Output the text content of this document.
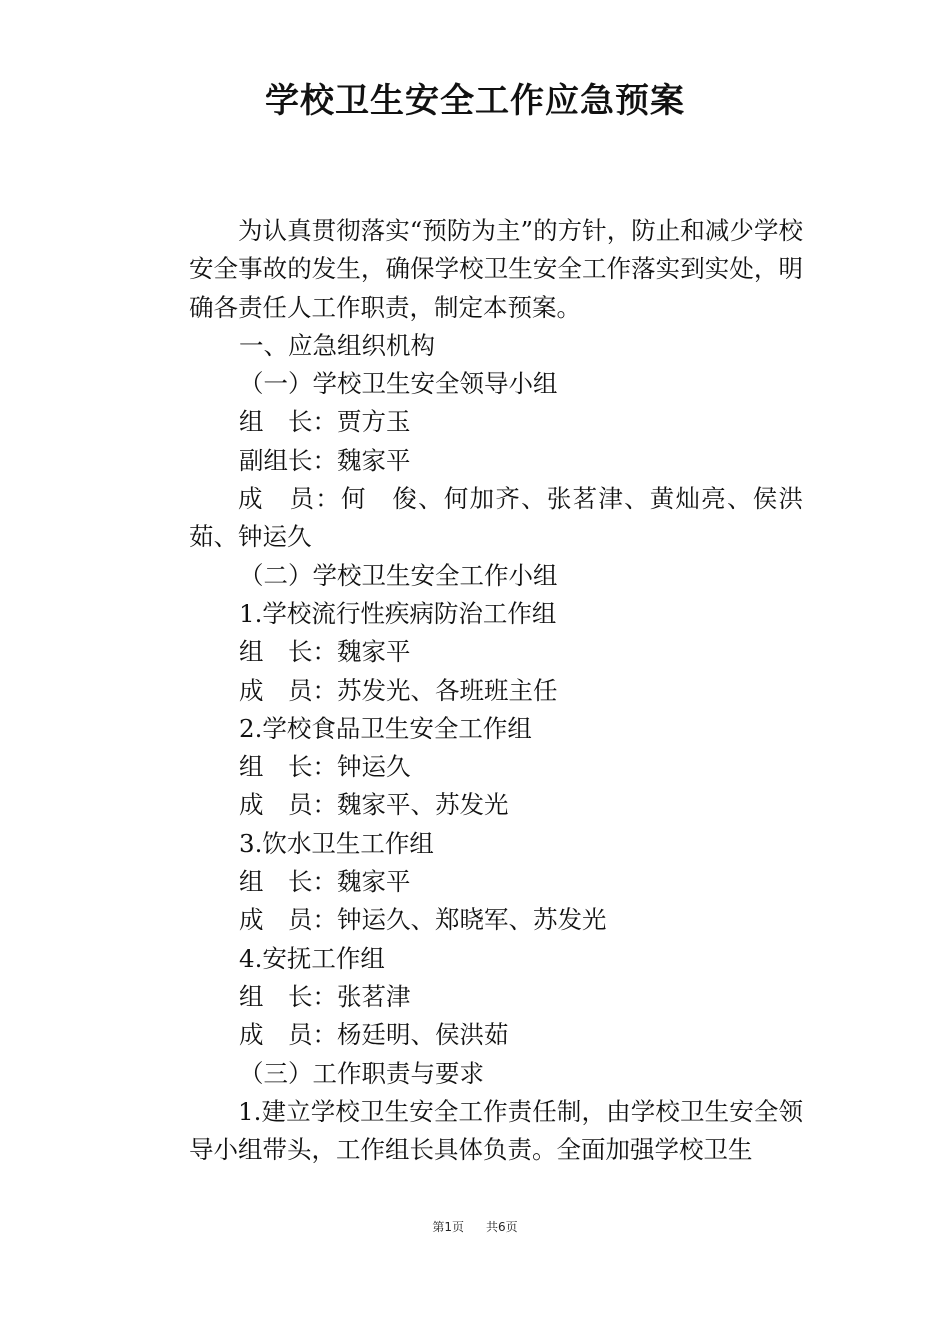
学校卫生安全工作应急预案

为认真贯彻落实“预防为主”的方针，防止和减少学校安全事故的发生，确保学校卫生安全工作落实到实处，明确各责任人工作职责，制定本预案。

一、应急组织机构

（一）学校卫生安全领导小组

组　长：贾方玉

副组长：魏家平

成　员：何　俊、何加齐、张茗津、黄灿亮、侯洪茹、钟运久

（二）学校卫生安全工作小组

1.学校流行性疾病防治工作组

组　长：魏家平

成　员：苏发光、各班班主任

2.学校食品卫生安全工作组

组　长：钟运久

成　员：魏家平、苏发光

3.饮水卫生工作组

组　长：魏家平

成　员：钟运久、郑晓军、苏发光

4.安抚工作组

组　长：张茗津

成　员：杨廷明、侯洪茹

（三）工作职责与要求

1.建立学校卫生安全工作责任制，由学校卫生安全领导小组带头，工作组长具体负责。全面加强学校卫生

第1页 共6页
